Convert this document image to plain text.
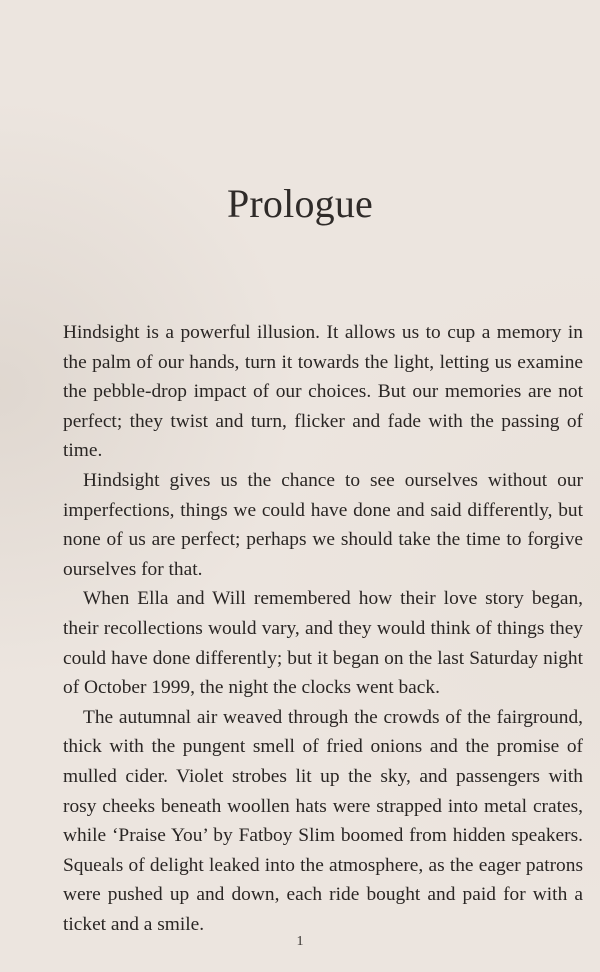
Prologue

Hindsight is a powerful illusion. It allows us to cup a memory in the palm of our hands, turn it towards the light, letting us examine the pebble-drop impact of our choices. But our memories are not perfect; they twist and turn, flicker and fade with the passing of time.

Hindsight gives us the chance to see ourselves without our imperfections, things we could have done and said differently, but none of us are perfect; perhaps we should take the time to forgive ourselves for that.

When Ella and Will remembered how their love story began, their recollections would vary, and they would think of things they could have done differently; but it began on the last Saturday night of October 1999, the night the clocks went back.

The autumnal air weaved through the crowds of the fairground, thick with the pungent smell of fried onions and the promise of mulled cider. Violet strobes lit up the sky, and passengers with rosy cheeks beneath woollen hats were strapped into metal crates, while ‘Praise You’ by Fatboy Slim boomed from hidden speakers. Squeals of delight leaked into the atmosphere, as the eager patrons were pushed up and down, each ride bought and paid for with a ticket and a smile.

1
